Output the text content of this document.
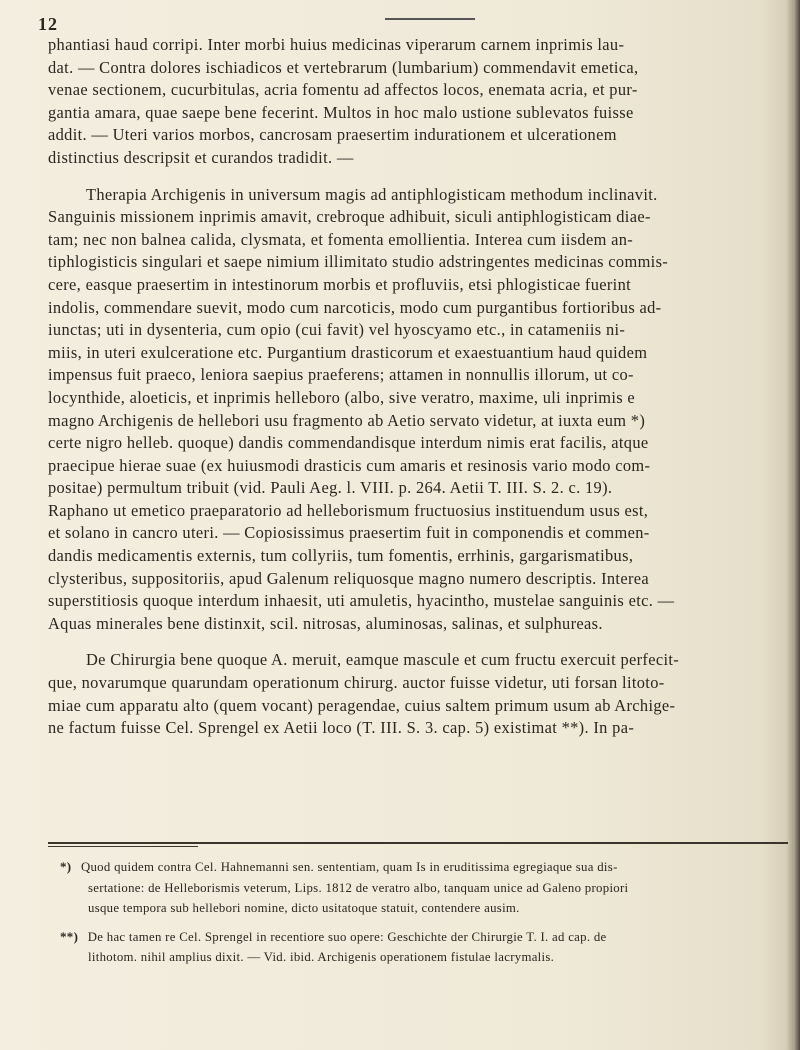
12

phantiasi haud corripi. Inter morbi huius medicinas viperarum carnem inprimis lau-
dat. — Contra dolores ischiadicos et vertebrarum (lumbarium) commendavit emetica,
venae sectionem, cucurbitulas, acria fomentu ad affectos locos, enemata acria, et pur-
gantia amara, quae saepe bene fecerint. Multos in hoc malo ustione sublevatos fuisse
addit. — Uteri varios morbos, cancrosam praesertim indurationem et ulcerationem
distinctius descripsit et curandos tradidit. —

Therapia Archigenis in universum magis ad antiphlogisticam methodum inclinavit.
Sanguinis missionem inprimis amavit, crebroque adhibuit, siculi antiphlogisticam diae-
tam; nec non balnea calida, clysmata, et fomenta emollientia. Interea cum iisdem an-
tiphlogisticis singulari et saepe nimium illimitato studio adstringentes medicinas commis-
cere, easque praesertim in intestinorum morbis et profluviis, etsi phlogisticae fuerint
indolis, commendare suevit, modo cum narcoticis, modo cum purgantibus fortioribus ad-
iunctas; uti in dysenteria, cum opio (cui favit) vel hyoscyamo etc., in catameniis ni-
miis, in uteri exulceratione etc. Purgantium drasticorum et exaestuantium haud quidem
impensus fuit praeco, leniora saepius praeferens; attamen in nonnullis illorum, ut co-
locynthide, aloeticis, et inprimis helleboro (albo, sive veratro, maxime, uli inprimis e
magno Archigenis de hellebori usu fragmento ab Aetio servato videtur, at iuxta eum *)
certe nigro helleb. quoque) dandis commendandisque interdum nimis erat facilis, atque
praecipue hierae suae (ex huiusmodi drasticis cum amaris et resinosis vario modo com-
positae) permultum tribuit (vid. Pauli Aeg. l. VIII. p. 264. Aetii T. III. S. 2. c. 19).
Raphano ut emetico praeparatorio ad helleborismum fructuosius instituendum usus est,
et solano in cancro uteri. — Copiosissimus praesertim fuit in componendis et commen-
dandis medicamentis externis, tum collyriis, tum fomentis, errhinis, gargarismatibus,
clysteribus, suppositoriis, apud Galenum reliquosque magno numero descriptis. Interea
superstitiosis quoque interdum inhaesit, uti amuletis, hyacintho, mustelae sanguinis etc. —
Aquas minerales bene distinxit, scil. nitrosas, aluminosas, salinas, et sulphureas.

De Chirurgia bene quoque A. meruit, eamque mascule et cum fructu exercuit perfecit-
que, novarumque quarundam operationum chirurg. auctor fuisse videtur, uti forsan litoto-
miae cum apparatu alto (quem vocant) peragendae, cuius saltem primum usum ab Archige-
ne factum fuisse Cel. Sprengel ex Aetii loco (T. III. S. 3. cap. 5) existimat **). In pa-

*) Quod quidem contra Cel. Hahnemanni sen. sententiam, quam Is in eruditissima egregiaque sua dis-
sertatione: de Helleborismis veterum, Lips. 1812 de veratro albo, tanquam unice ad Galeno propiori
usque tempora sub hellebori nomine, dicto usitatoque statuit, contendere ausim.
**) De hac tamen re Cel. Sprengel in recentiore suo opere: Geschichte der Chirurgie T. I. ad cap. de
lithotom. nihil amplius dixit. — Vid. ibid. Archigenis operationem fistulae lacrymalis.
